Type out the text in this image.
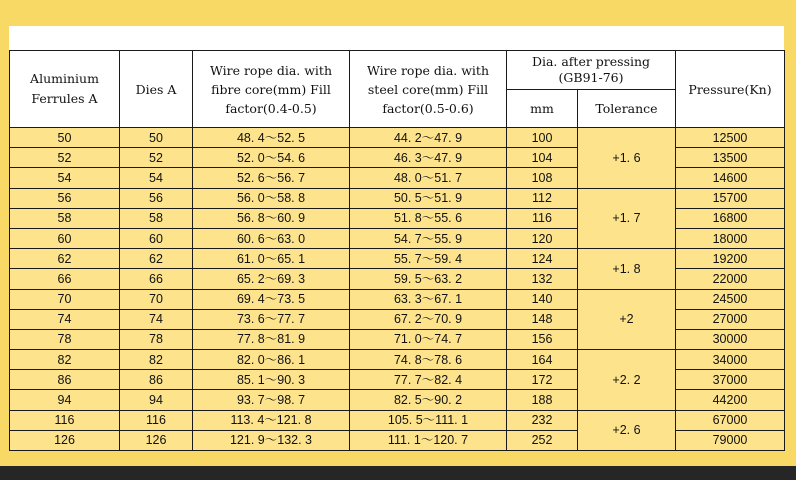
Aluminium
Ferrules A	Dies A	Wire rope dia. with fibre core(mm) Fill factor(0.4-0.5)	Wire rope dia. with steel core(mm) Fill factor(0.5-0.6)	Dia. after pressing (GB91-76)		Pressure(Kn)
				mm	Tolerance	
50	50	48. 4～52. 5	44. 2～47. 9	100	+1. 6	12500
52	52	52. 0～54. 6	46. 3～47. 9	104		13500
54	54	52. 6～56. 7	48. 0～51. 7	108		14600
56	56	56. 0～58. 8	50. 5～51. 9	112	+1. 7	15700
58	58	56. 8～60. 9	51. 8～55. 6	116		16800
60	60	60. 6～63. 0	54. 7～55. 9	120		18000
62	62	61. 0～65. 1	55. 7～59. 4	124	+1. 8	19200
66	66	65. 2～69. 3	59. 5～63. 2	132		22000
70	70	69. 4～73. 5	63. 3～67. 1	140	+2	24500
74	74	73. 6～77. 7	67. 2～70. 9	148		27000
78	78	77. 8～81. 9	71. 0～74. 7	156		30000
82	82	82. 0～86. 1	74. 8～78. 6	164	+2. 2	34000
86	86	85. 1～90. 3	77. 7～82. 4	172		37000
94	94	93. 7～98. 7	82. 5～90. 2	188		44200
116	116	113. 4～121. 8	105. 5～111. 1	232	+2. 6	67000
126	126	121. 9～132. 3	111. 1～120. 7	252		79000
